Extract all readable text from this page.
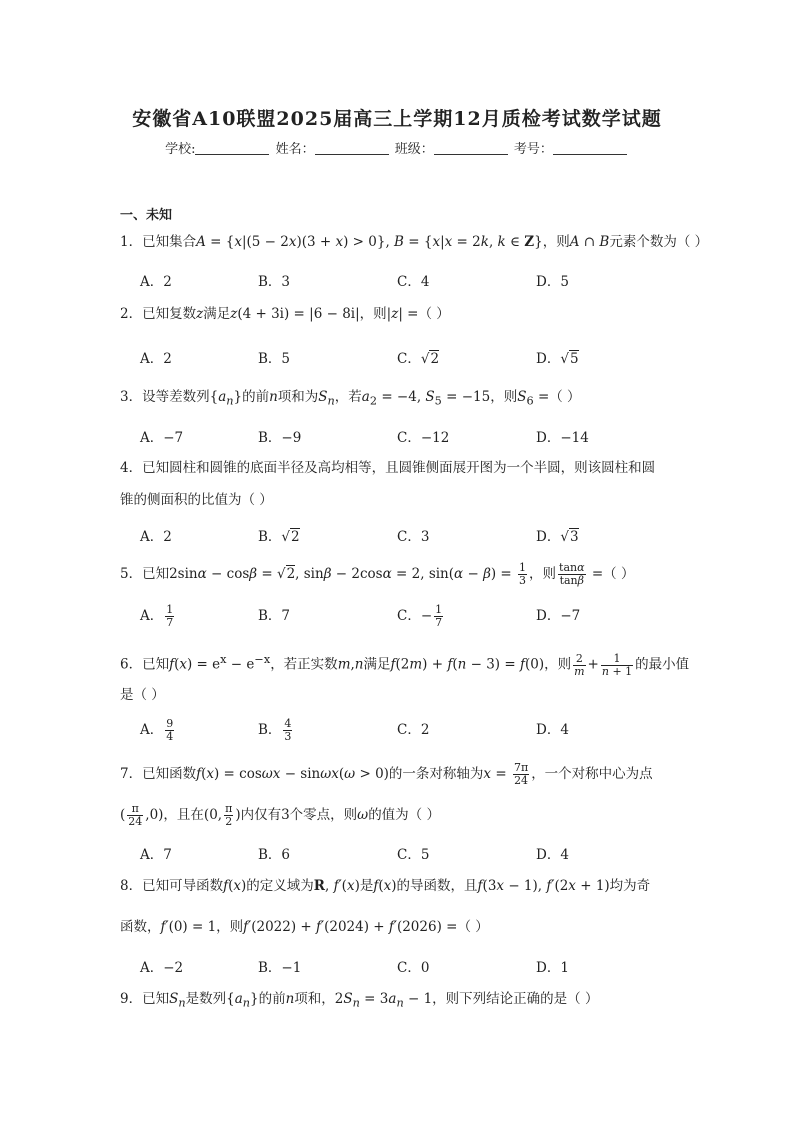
安徽省A10联盟2025届高三上学期12月质检考试数学试题
学校:	姓名：	班级：	考号：
一、未知
1．已知集合A = {x|(5 − 2x)(3 + x) > 0}, B = {x|x = 2k, k ∈ Z}，则A ∩ B元素个数为（ ）
A．2	B．3	C．4	D．5
2．已知复数z满足z(4 + 3i) = |6 − 8i|，则|z| =（ ）
A．2	B．5	C．√2	D．√5
3．设等差数列$\{a_n\}$的前n项和为$S_n$，若$a_2 = -4$, $S_5 = -15$，则$S_6$ =（ ）
A．−7	B．−9	C．−12	D．−14
4．已知圆柱和圆锥的底面半径及高均相等，且圆锥侧面展开图为一个半圆，则该圆柱和圆锥的侧面积的比值为（ ）
A．2	B．√2	C．3	D．√3
5．已知2sinα − cosβ = √2, sinβ − 2cosα = 2, $\sin(\alpha - \beta) = \frac{1}{3}$ ，则 $\frac{\tan\alpha}{\tan\beta}$ =（ ）
A． $\frac{1}{7}$	B．7	C．− $\frac{1}{7}$	D．−7
6．已知$f(x) = e^x - e^{-x}$，若正实数m,n满足f(2m) + f(n − 3) = f(0)，则 $\frac{2}{m} + \frac{1}{n + 1}$ 的最小值
是（ ）
A． $\frac{9}{4}$	B． $\frac{4}{3}$	C．2	D．4
7．已知函数f(x) = cosωx − sinωx(ω > 0)的一条对称轴为$x = \frac{7\pi}{24}$ ，一个对称中心为点
( $\frac{\pi}{24} ,0$)，且在(0, $\frac{\pi}{2}$ )内仅有3个零点，则ω的值为（ ）
A．7	B．6	C．5	D．4
8．已知可导函数f(x)的定义域为R, f′(x)是f(x)的导函数，且f(3x − 1), f′(2x + 1)均为奇
函数，f′(0) = 1，则f′(2022) + f′(2024) + f′(2026) =（ ）
A．−2	B．−1	C．0	D．1
9．已知$S_n$是数列$\{a_n\}$的前n项和，$2S_n = 3a_n - 1$，则下列结论正确的是（ ）
